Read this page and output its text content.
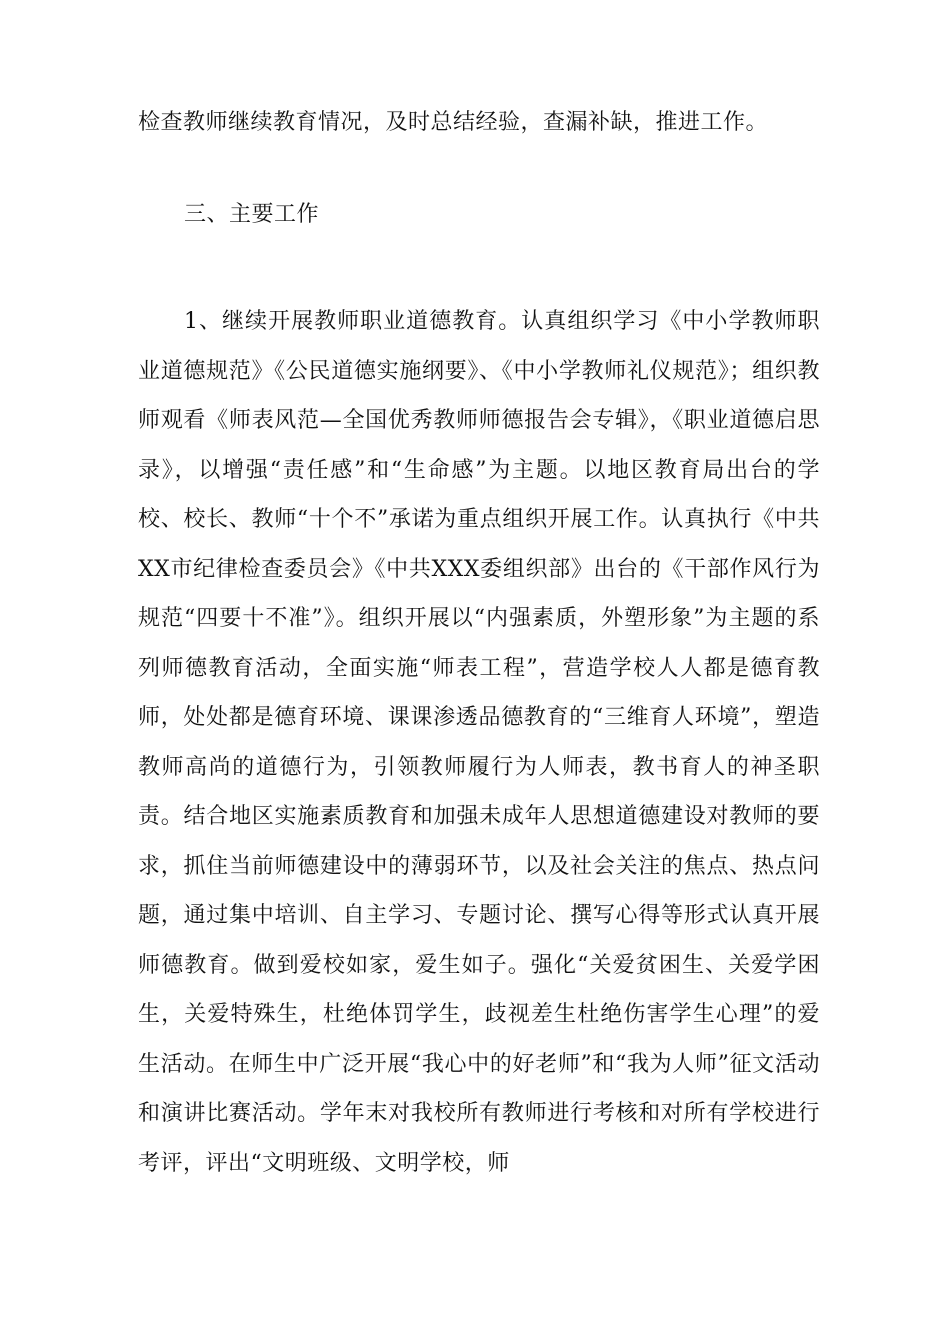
检查教师继续教育情况，及时总结经验，查漏补缺，推进工作。
三、主要工作

1、继续开展教师职业道德教育。认真组织学习《中小学教师职业道德规范》《公民道德实施纲要》、《中小学教师礼仪规范》；组织教师观看《师表风范—全国优秀教师师德报告会专辑》，《职业道德启思录》，以增强“责任感”和“生命感”为主题。以地区教育局出台的学校、校长、教师“十个不”承诺为重点组织开展工作。认真执行《中共XX市纪律检查委员会》《中共XXX委组织部》出台的《干部作风行为规范“四要十不准”》。组织开展以“内强素质，外塑形象”为主题的系列师德教育活动，全面实施“师表工程”，营造学校人人都是德育教师，处处都是德育环境、课课渗透品德教育的“三维育人环境”，塑造教师高尚的道德行为，引领教师履行为人师表，教书育人的神圣职责。结合地区实施素质教育和加强未成年人思想道德建设对教师的要求，抓住当前师德建设中的薄弱环节，以及社会关注的焦点、热点问题，通过集中培训、自主学习、专题讨论、撰写心得等形式认真开展师德教育。做到爱校如家，爱生如子。强化“关爱贫困生、关爱学困生，关爱特殊生，杜绝体罚学生，歧视差生杜绝伤害学生心理”的爱生活动。在师生中广泛开展“我心中的好老师”和“我为人师”征文活动和演讲比赛活动。学年末对我校所有教师进行考核和对所有学校进行考评，评出“文明班级、文明学校，师
